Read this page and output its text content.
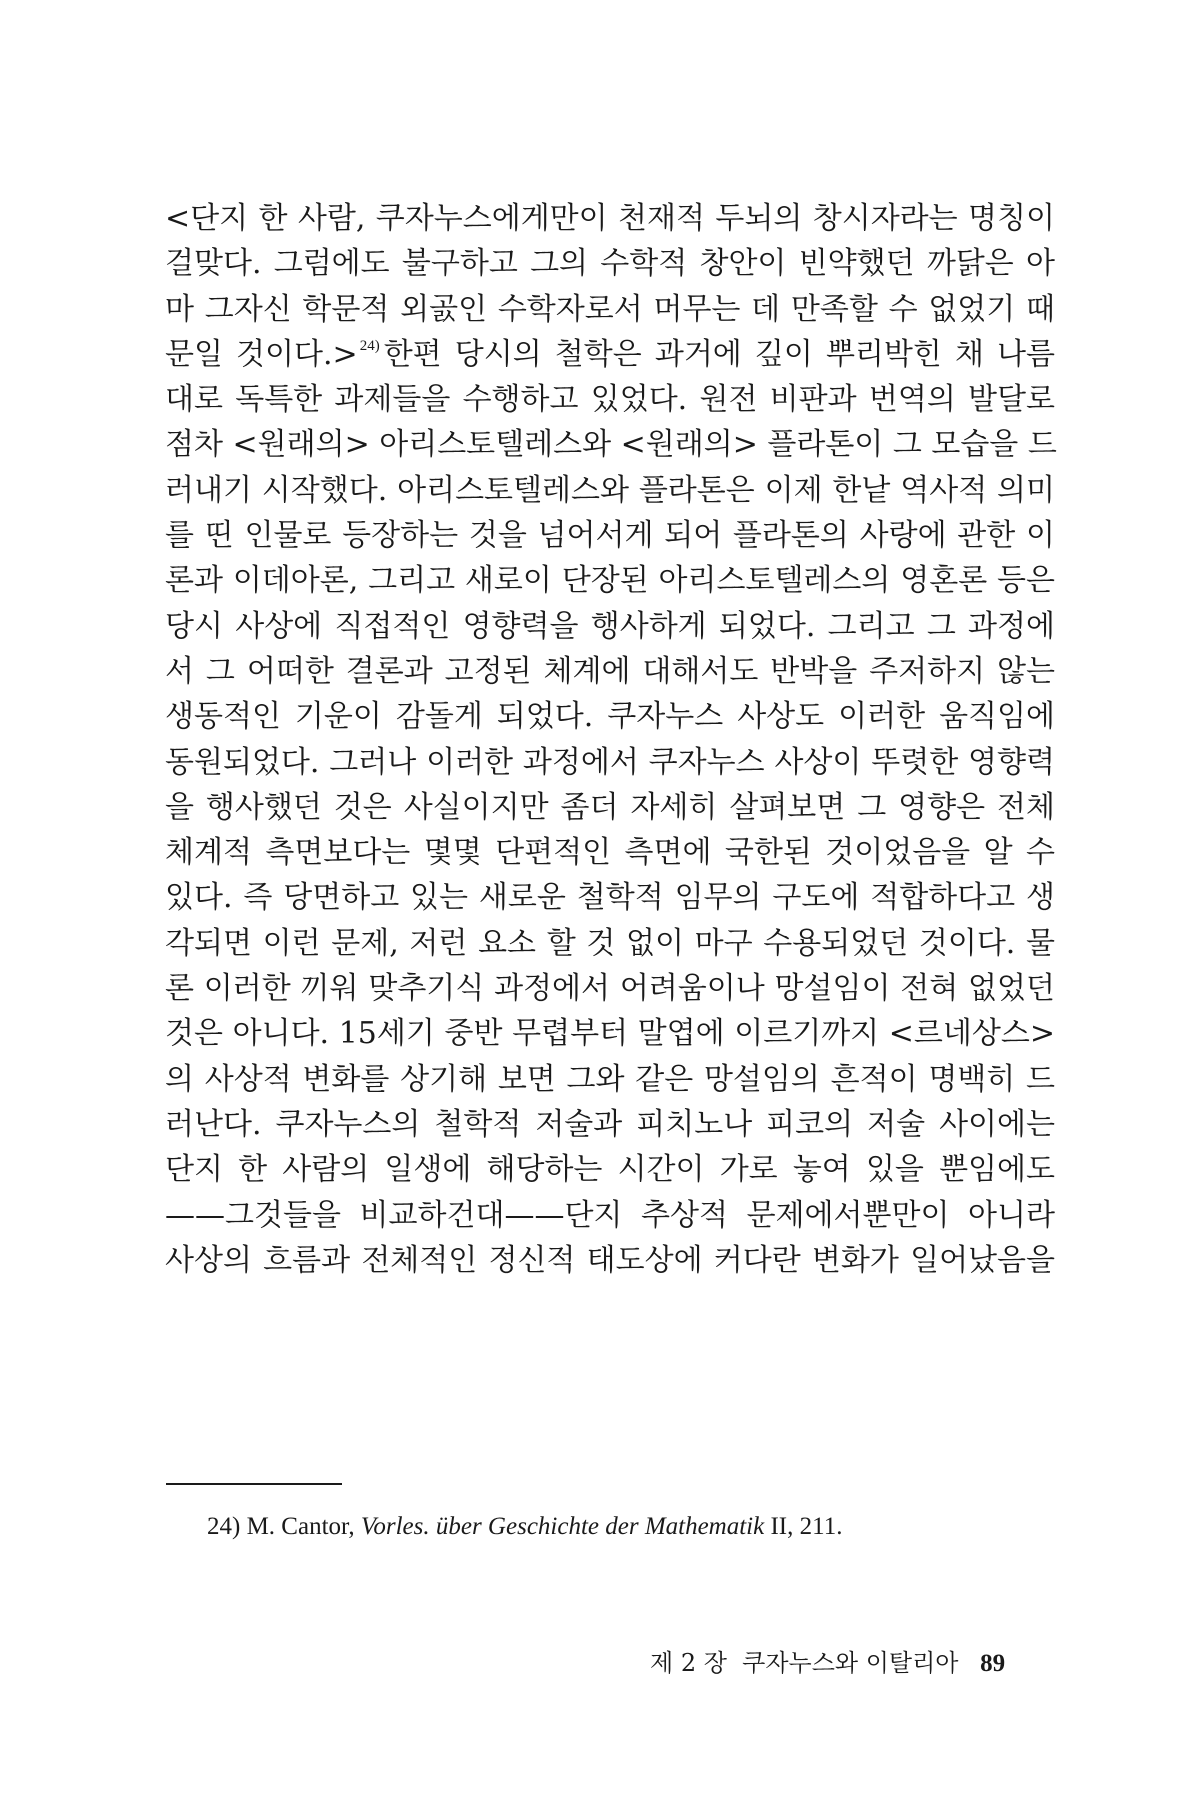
<단지 한 사람, 쿠자누스에게만이 천재적 두뇌의 창시자라는 명칭이
걸맞다. 그럼에도 불구하고 그의 수학적 창안이 빈약했던 까닭은 아
마 그자신 학문적 외곬인 수학자로서 머무는 데 만족할 수 없었기 때
문일 것이다.> $^{24)}$ 한편 당시의 철학은 과거에 깊이 뿌리박힌 채 나름
대로 독특한 과제들을 수행하고 있었다. 원전 비판과 번역의 발달로
점차 <원래의> 아리스토텔레스와 <원래의> 플라톤이 그 모습을 드
러내기 시작했다. 아리스토텔레스와 플라톤은 이제 한낱 역사적 의미
를 띤 인물로 등장하는 것을 넘어서게 되어 플라톤의 사랑에 관한 이
론과 이데아론, 그리고 새로이 단장된 아리스토텔레스의 영혼론 등은
당시 사상에 직접적인 영향력을 행사하게 되었다. 그리고 그 과정에
서 그 어떠한 결론과 고정된 체계에 대해서도 반박을 주저하지 않는
생동적인 기운이 감돌게 되었다. 쿠자누스 사상도 이러한 움직임에
동원되었다. 그러나 이러한 과정에서 쿠자누스 사상이 뚜렷한 영향력
을 행사했던 것은 사실이지만 좀더 자세히 살펴보면 그 영향은 전체
체계적 측면보다는 몇몇 단편적인 측면에 국한된 것이었음을 알 수
있다. 즉 당면하고 있는 새로운 철학적 임무의 구도에 적합하다고 생
각되면 이런 문제, 저런 요소 할 것 없이 마구 수용되었던 것이다. 물
론 이러한 끼워 맞추기식 과정에서 어려움이나 망설임이 전혀 없었던
것은 아니다. 15세기 중반 무렵부터 말엽에 이르기까지 <르네상스>
의 사상적 변화를 상기해 보면 그와 같은 망설임의 흔적이 명백히 드
러난다. 쿠자누스의 철학적 저술과 피치노나 피코의 저술 사이에는
단지 한 사람의 일생에 해당하는 시간이 가로 놓여 있을 뿐임에도
——그것들을 비교하건대——단지 추상적 문제에서뿐만이 아니라
사상의 흐름과 전체적인 정신적 태도상에 커다란 변화가 일어났음을
24) M. Cantor, Vorles. über Geschichte der Mathematik II, 211.
제 2 장 쿠자누스와 이탈리아 89
